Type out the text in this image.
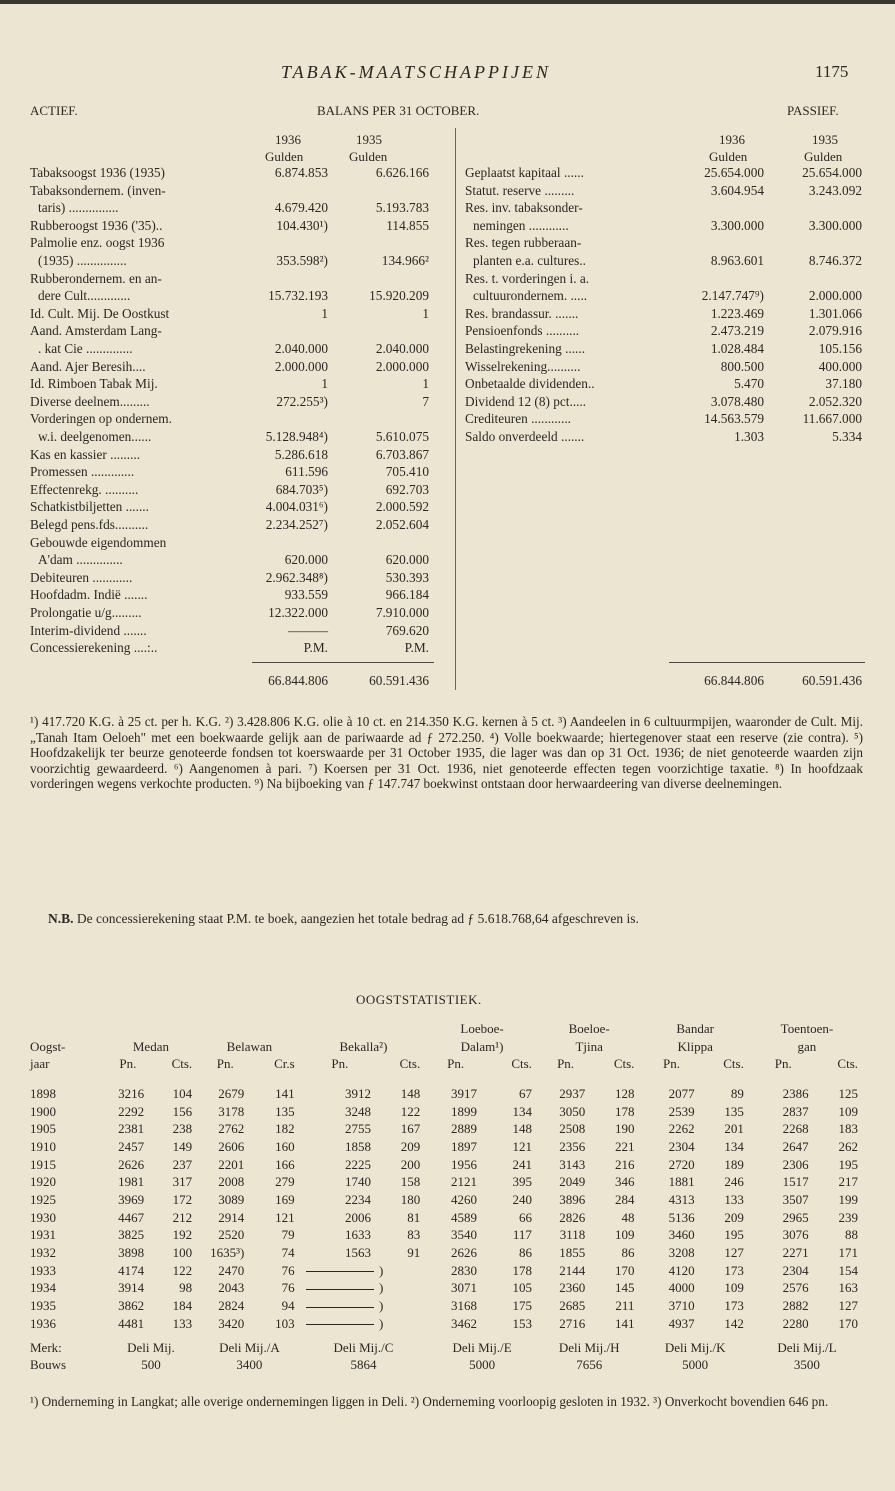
TABAK-MAATSCHAPPIJEN	1175
ACTIEF.	BALANS PER 31 OCTOBER.	PASSIEF.
1936	1935
Gulden	Gulden
1936	1935
Gulden	Gulden
Tabaksoogst 1936 (1935)	6.874.853	6.626.166
Tabaksondernem. (inven-
taris) ...............	4.679.420	5.193.783
Rubberoogst 1936 ('35)..	104.430¹)	114.855
Palmolie enz. oogst 1936
(1935) ...............	353.598²)	134.966²
Rubberondernem. en an-
dere Cult.............	15.732.193	15.920.209
Id. Cult. Mij. De Oostkust	1	1
Aand. Amsterdam Lang-
. kat Cie ..............	2.040.000	2.040.000
Aand. Ajer Beresih....	2.000.000	2.000.000
Id. Rimboen Tabak Mij.	1	1
Diverse deelnem.........	272.255³)	7
Vorderingen op ondernem.
w.i. deelgenomen......	5.128.948⁴)	5.610.075
Kas en kassier .........	5.286.618	6.703.867
Promessen .............	611.596	705.410
Effectenrekg. ..........	684.703⁵)	692.703
Schatkistbiljetten .......	4.004.031⁶)	2.000.592
Belegd pens.fds..........	2.234.252⁷)	2.052.604
Gebouwde eigendommen
A'dam ..............	620.000	620.000
Debiteuren ............	2.962.348⁸)	530.393
Hoofdadm. Indië .......	933.559	966.184
Prolongatie u/g.........	12.322.000	7.910.000
Interim-dividend .......	———	769.620
Concessierekening ....:..	P.M.	P.M.
66.844.806	60.591.436
Geplaatst kapitaal ......	25.654.000	25.654.000
Statut. reserve .........	3.604.954	3.243.092
Res. inv. tabaksonder-
nemingen ............	3.300.000	3.300.000
Res. tegen rubberaan-
planten e.a. cultures..	8.963.601	8.746.372
Res. t. vorderingen i. a.
cultuurondernem. .....	2.147.747⁹)	2.000.000
Res. brandassur. .......	1.223.469	1.301.066
Pensioenfonds ..........	2.473.219	2.079.916
Belastingrekening ......	1.028.484	105.156
Wisselrekening..........	800.500	400.000
Onbetaalde dividenden..	5.470	37.180
Dividend 12 (8) pct.....	3.078.480	2.052.320
Crediteuren ............	14.563.579	11.667.000
Saldo onverdeeld .......	1.303	5.334
66.844.806	60.591.436

¹) 417.720 K.G. à 25 ct. per h. K.G. ²) 3.428.806 K.G. olie à 10 ct. en 214.350 K.G. kernen à 5 ct. ³) Aandeelen in 6 cultuurmpijen, waaronder de Cult. Mij. „Tanah Itam Oeloeh" met een boekwaarde gelijk aan de pariwaarde ad ƒ 272.250. ⁴) Volle boekwaarde; hiertegenover staat een reserve (zie contra). ⁵) Hoofdzakelijk ter beurze genoteerde fondsen tot koerswaarde per 31 October 1935, die lager was dan op 31 Oct. 1936; de niet genoteerde waarden zijn voorzichtig gewaardeerd. ⁶) Aangenomen à pari. ⁷) Koersen per 31 Oct. 1936, niet genoteerde effecten tegen voorzichtige taxatie. ⁸) In hoofdzaak vorderingen wegens verkochte producten. ⁹) Na bijboeking van ƒ 147.747 boekwinst ontstaan door herwaardeering van diverse deelnemingen.

N.B. De concessierekening staat P.M. te boek, aangezien het totale bedrag ad ƒ 5.618.768,64 afgeschreven is.
OOGSTSTATISTIEK.
							Loeboe-		Boeloe-		Bandar		Toentoen-	
Oogst-	Medan		Belawan		Bekalla²)		Dalam¹)		Tjina		Klippa		gan	
jaar	Pn.	Cts.	Pn.	Cr.s	Pn.	Cts.	Pn.	Cts.	Pn.	Cts.	Pn.	Cts.	Pn.	Cts.

1898	3216	104	2679	141	3912	148	3917	67	2937	128	2077	89	2386	125
1900	2292	156	3178	135	3248	122	1899	134	3050	178	2539	135	2837	109
1905	2381	238	2762	182	2755	167	2889	148	2508	190	2262	201	2268	183
1910	2457	149	2606	160	1858	209	1897	121	2356	221	2304	134	2647	262
1915	2626	237	2201	166	2225	200	1956	241	3143	216	2720	189	2306	195
1920	1981	317	2008	279	1740	158	2121	395	2049	346	1881	246	1517	217
1925	3969	172	3089	169	2234	180	4260	240	3896	284	4313	133	3507	199
1930	4467	212	2914	121	2006	81	4589	66	2826	48	5136	209	2965	239
1931	3825	192	2520	79	1633	83	3540	117	3118	109	3460	195	3076	88
1932	3898	100	1635³)	74	1563	91	2626	86	1855	86	3208	127	2271	171
1933	4174	122	2470	76		)	2830	178	2144	170	4120	173	2304	154
1934	3914	98	2043	76		)	3071	105	2360	145	4000	109	2576	163
1935	3862	184	2824	94		)	3168	175	2685	211	3710	173	2882	127
1936	4481	133	3420	103		)	3462	153	2716	141	4937	142	2280	170

Merk:	Deli Mij.		Deli Mij./A		Deli Mij./C		Deli Mij./E		Deli Mij./H		Deli Mij./K		Deli Mij./L	
Bouws	500		3400		5864		5000		7656		5000		3500	

¹) Onderneming in Langkat; alle overige ondernemingen liggen in Deli. ²) Onderneming voorloopig gesloten in 1932. ³) Onverkocht bovendien 646 pn.
